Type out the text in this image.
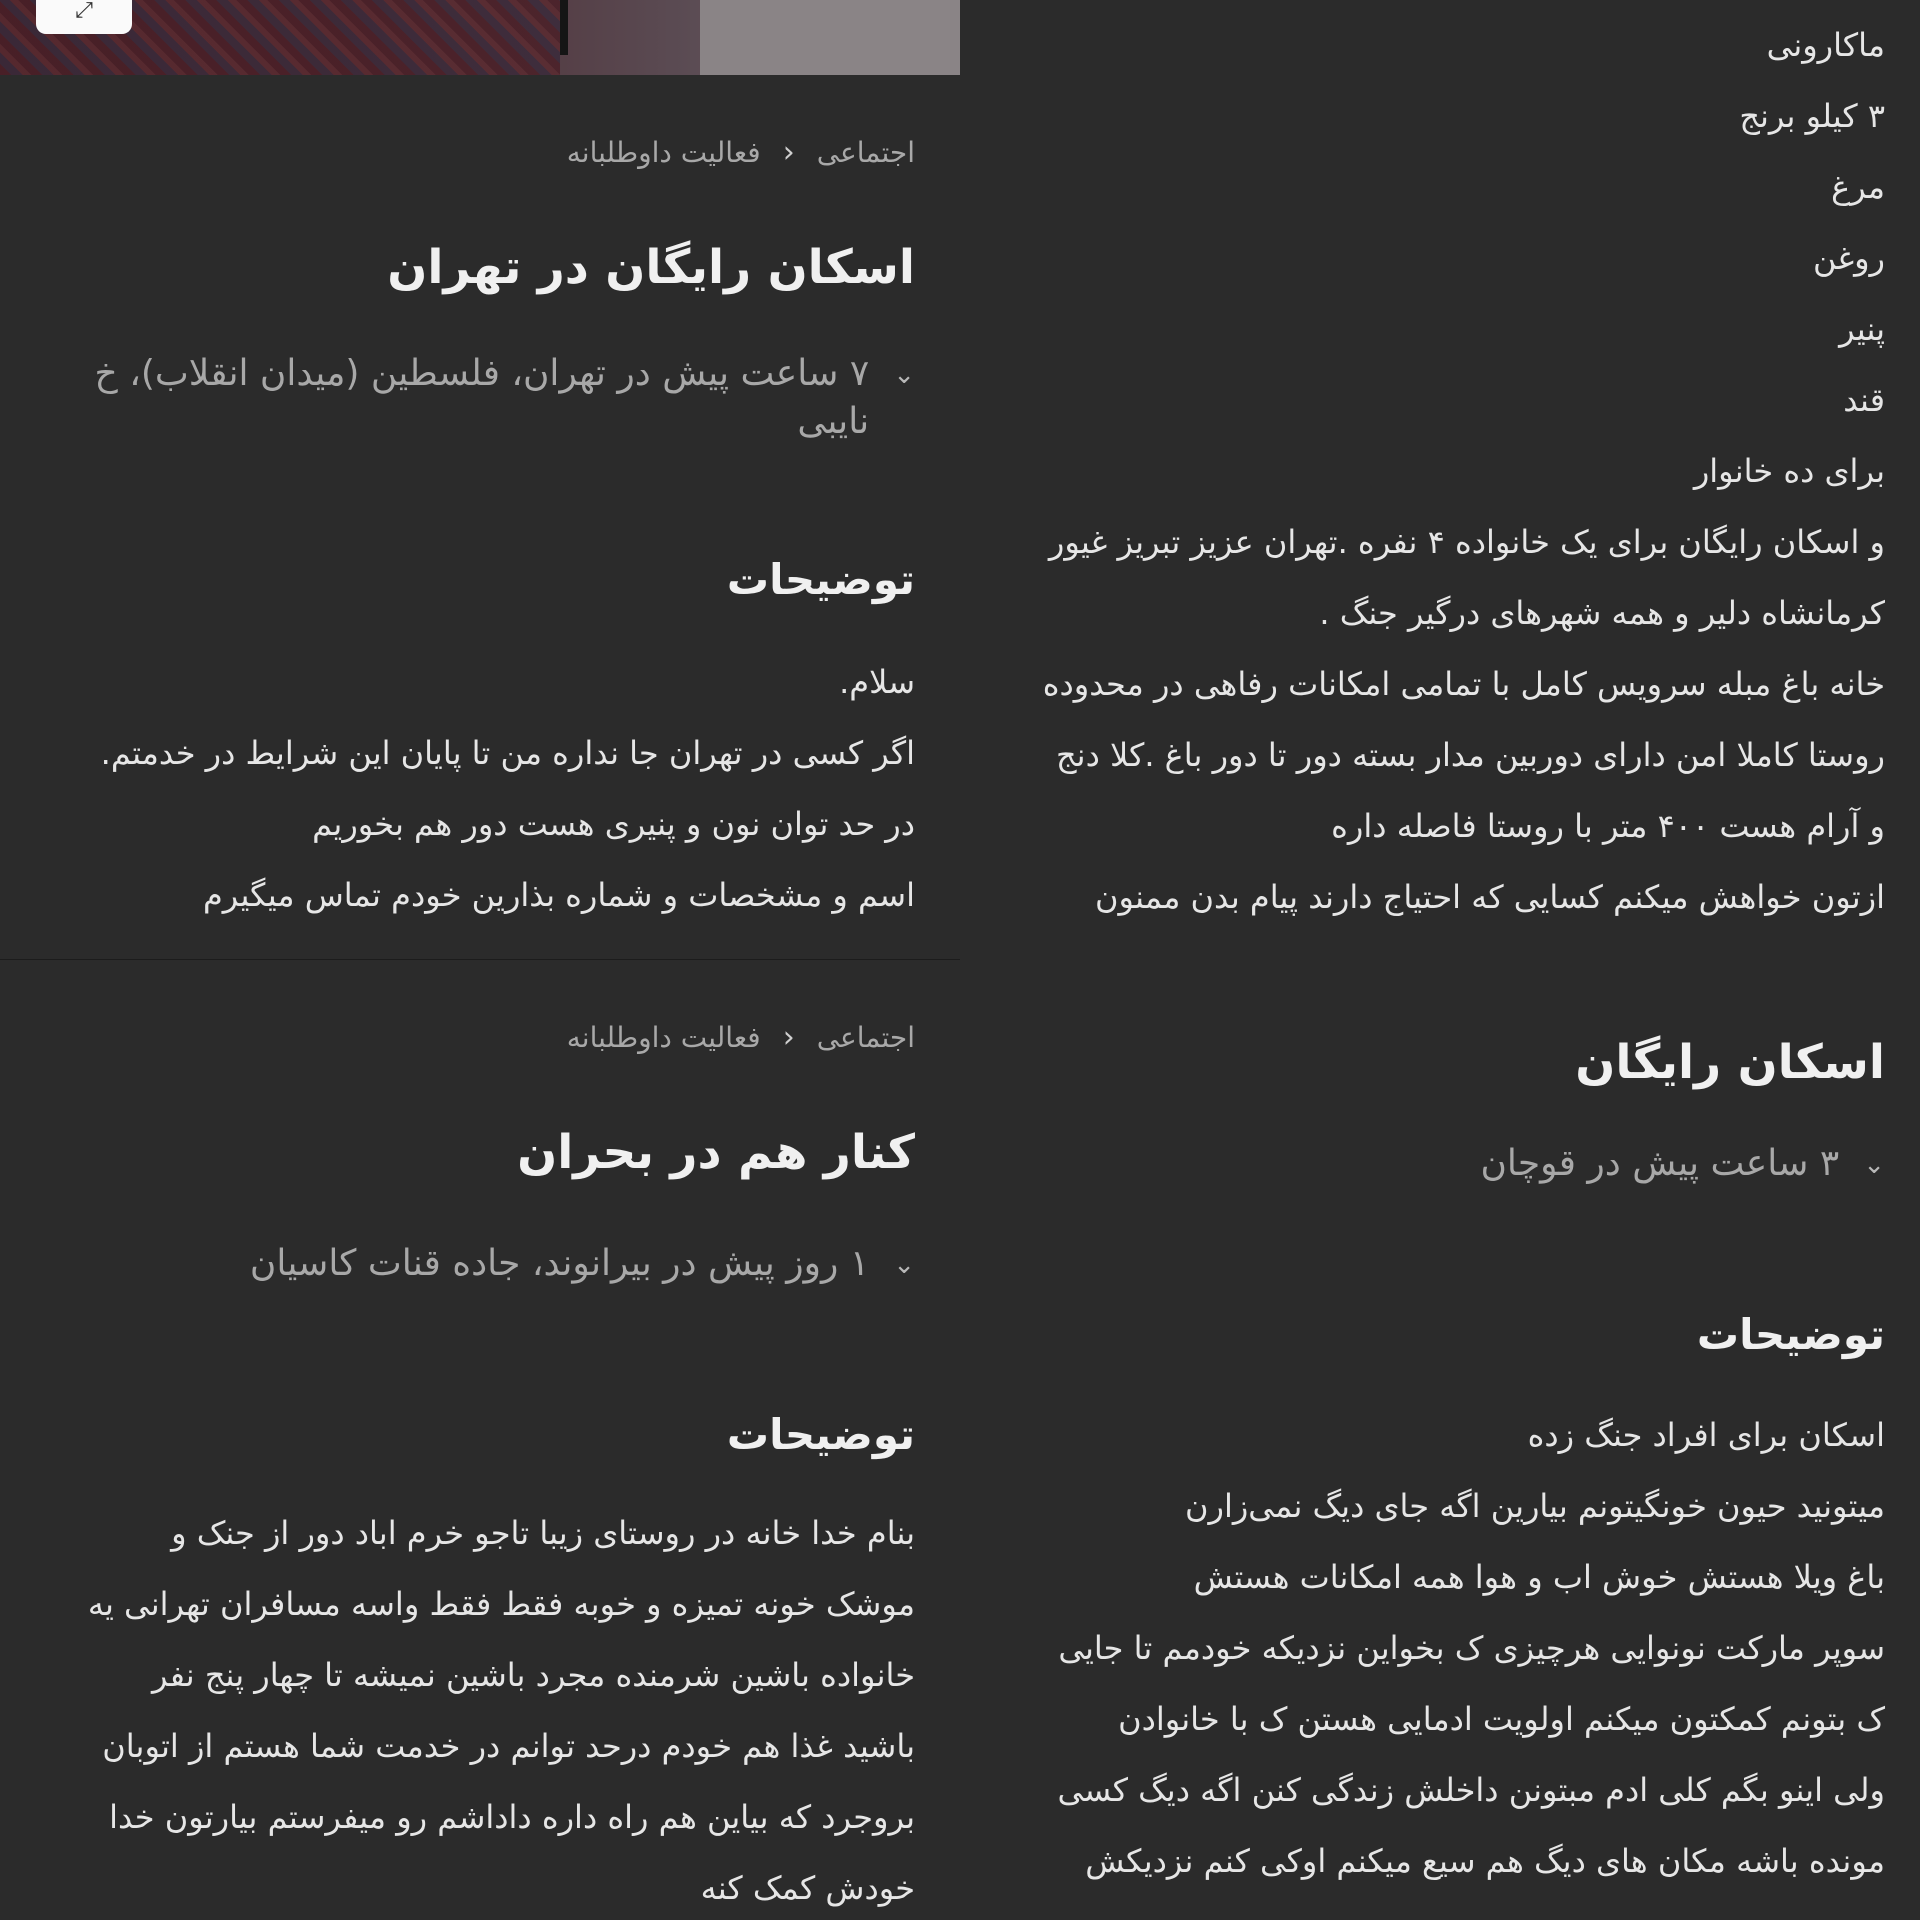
⤢
اجتماعی
‹
فعالیت داوطلبانه
اسکان رایگان در تهران
⌄
۷ ساعت پیش در تهران، فلسطین (میدان انقلاب)، خ نایبی
توضیحات
سلام.
اگر کسی در تهران جا نداره من تا پایان این شرایط در خدمتم.
در حد توان نون و پنیری هست دور هم بخوریم
اسم و مشخصات و شماره بذارین خودم تماس میگیرم
ماکارونی
۳ کیلو برنج
مرغ
روغن
پنیر
قند
برای ده خانوار
و اسکان رایگان برای یک خانواده ۴ نفره .تهران عزیز تبریز غیور
کرمانشاه دلیر و همه شهرهای درگیر جنگ .
خانه باغ مبله سرویس کامل با تمامی امکانات رفاهی در محدوده
روستا کاملا امن دارای دوربین مدار بسته دور تا دور باغ .کلا دنج
و آرام هست ۴۰۰ متر با روستا فاصله داره
ازتون خواهش میکنم کسایی که احتیاج دارند پیام بدن ممنون
اجتماعی
‹
فعالیت داوطلبانه
کنار هم در بحران
⌄
۱ روز پیش در بیرانوند، جاده قنات کاسیان
توضیحات
بنام خدا خانه در روستای زیبا تاجو خرم اباد دور از جنک و
موشک خونه تمیزه و خوبه فقط فقط واسه مسافران تهرانی یه
خانواده باشین شرمنده مجرد باشین نمیشه تا چهار پنج نفر
باشید غذا هم خودم درحد توانم در خدمت شما هستم از اتوبان
بروجرد که بیاین هم راه داره داداشم رو میفرستم بیارتون خدا
خودش کمک کنه
اسکان رایگان
⌄
۳ ساعت پیش در قوچان
توضیحات
اسکان برای افراد جنگ زده
میتونید حیون خونگیتونم بیارین اگه جای دیگ نمی‌زارن
باغ ویلا هستش خوش اب و هوا همه امکانات هستش
سوپر مارکت نونوایی هرچیزی ک بخواین نزدیکه خودمم تا جایی
ک بتونم کمکتون میکنم اولویت ادمایی هستن ک با خانوادن
ولی اینو بگم کلی ادم مبتونن داخلش زندگی کنن اگه دیگ کسی
مونده باشه مکان های دیگ هم سیع میکنم اوکی کنم نزدیکش
